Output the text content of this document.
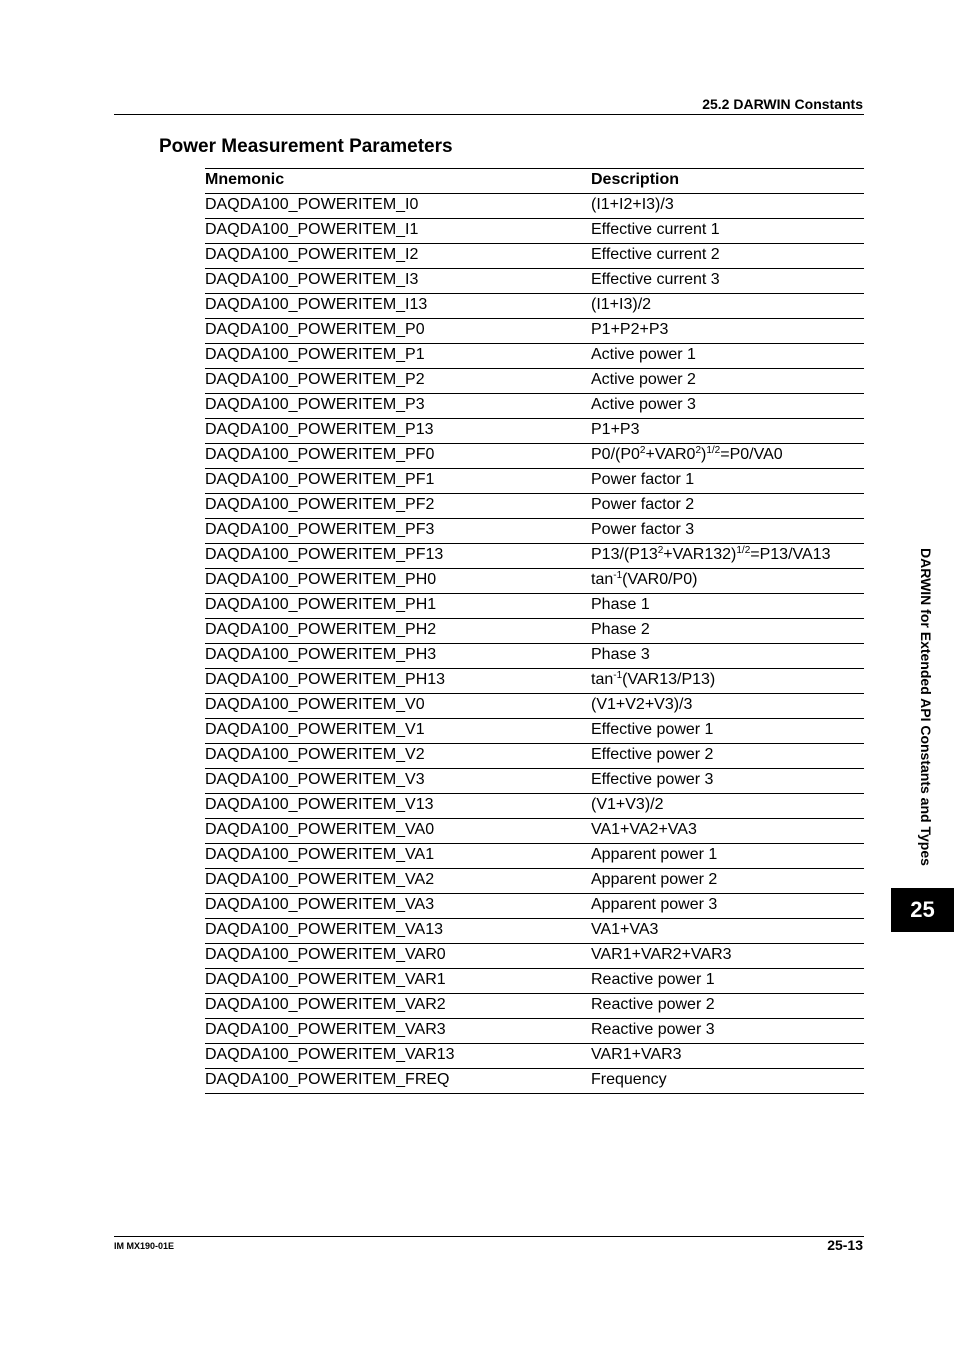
25.2 DARWIN Constants
Power Measurement Parameters
Mnemonic	Description
DAQDA100_POWERITEM_I0	(I1+I2+I3)/3
DAQDA100_POWERITEM_I1	Effective current 1
DAQDA100_POWERITEM_I2	Effective current 2
DAQDA100_POWERITEM_I3	Effective current 3
DAQDA100_POWERITEM_I13	(I1+I3)/2
DAQDA100_POWERITEM_P0	P1+P2+P3
DAQDA100_POWERITEM_P1	Active power 1
DAQDA100_POWERITEM_P2	Active power 2
DAQDA100_POWERITEM_P3	Active power 3
DAQDA100_POWERITEM_P13	P1+P3
DAQDA100_POWERITEM_PF0	$P0/(P0^2+VAR0^2)^{1/2}=P0/VA0$
DAQDA100_POWERITEM_PF1	Power factor 1
DAQDA100_POWERITEM_PF2	Power factor 2
DAQDA100_POWERITEM_PF3	Power factor 3
DAQDA100_POWERITEM_PF13	$P13/(P13^2+VAR132)^{1/2}=P13/VA13$
DAQDA100_POWERITEM_PH0	$\tan^{-1}(VAR0/P0)$
DAQDA100_POWERITEM_PH1	Phase 1
DAQDA100_POWERITEM_PH2	Phase 2
DAQDA100_POWERITEM_PH3	Phase 3
DAQDA100_POWERITEM_PH13	$\tan^{-1}(VAR13/P13)$
DAQDA100_POWERITEM_V0	(V1+V2+V3)/3
DAQDA100_POWERITEM_V1	Effective power 1
DAQDA100_POWERITEM_V2	Effective power 2
DAQDA100_POWERITEM_V3	Effective power 3
DAQDA100_POWERITEM_V13	(V1+V3)/2
DAQDA100_POWERITEM_VA0	VA1+VA2+VA3
DAQDA100_POWERITEM_VA1	Apparent power 1
DAQDA100_POWERITEM_VA2	Apparent power 2
DAQDA100_POWERITEM_VA3	Apparent power 3
DAQDA100_POWERITEM_VA13	VA1+VA3
DAQDA100_POWERITEM_VAR0	VAR1+VAR2+VAR3
DAQDA100_POWERITEM_VAR1	Reactive power 1
DAQDA100_POWERITEM_VAR2	Reactive power 2
DAQDA100_POWERITEM_VAR3	Reactive power 3
DAQDA100_POWERITEM_VAR13	VAR1+VAR3
DAQDA100_POWERITEM_FREQ	Frequency
DARWIN for Extended API Constants and Types
25
IM MX190-01E	25-13
